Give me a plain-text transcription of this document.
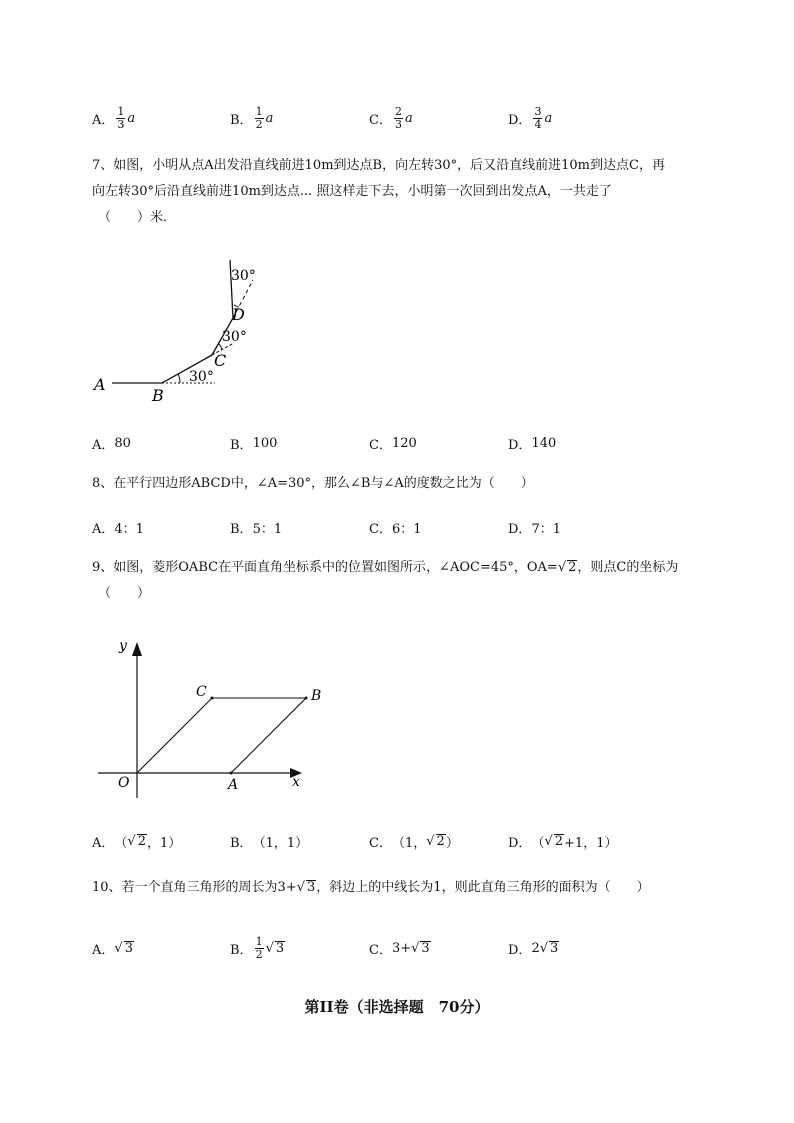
A． $\frac{1}{3}$ a	B． $\frac{1}{2}$ a	C． $\frac{2}{3}$ a	D． $\frac{3}{4}$ a
7、如图，小明从点A出发沿直线前进10m到达点B，向左转30°，后又沿直线前进10m到达点C，再
向左转30°后沿直线前进10m到达点... 照这样走下去，小明第一次回到出发点A，一共走了
（　　）米．
A
B
C
D
30°
30°
30°
A． 80	B． 100	C． 120	D． 140
8、在平行四边形ABCD中，∠A=30°，那么∠B与∠A的度数之比为（　　）
A． 4：1	B． 5：1	C． 6：1	D． 7：1
9、如图，菱形OABC在平面直角坐标系中的位置如图所示，∠AOC=45°，OA=√ 2，则点C的坐标为
（　　）
y
x
O	A
B
C
A． （ √ 2 ，1）	B． （1，1）	C． （1， √ 2 ）	D． （ √ 2 +1，1）
10、若一个直角三角形的周长为3+√ 3，斜边上的中线长为1，则此直角三角形的面积为（　　）
A． √ 3	B． $\frac{1}{2}$ √ 3	C． 3+ √ 3	D． 2 √ 3
第II卷（非选择题　70分）
